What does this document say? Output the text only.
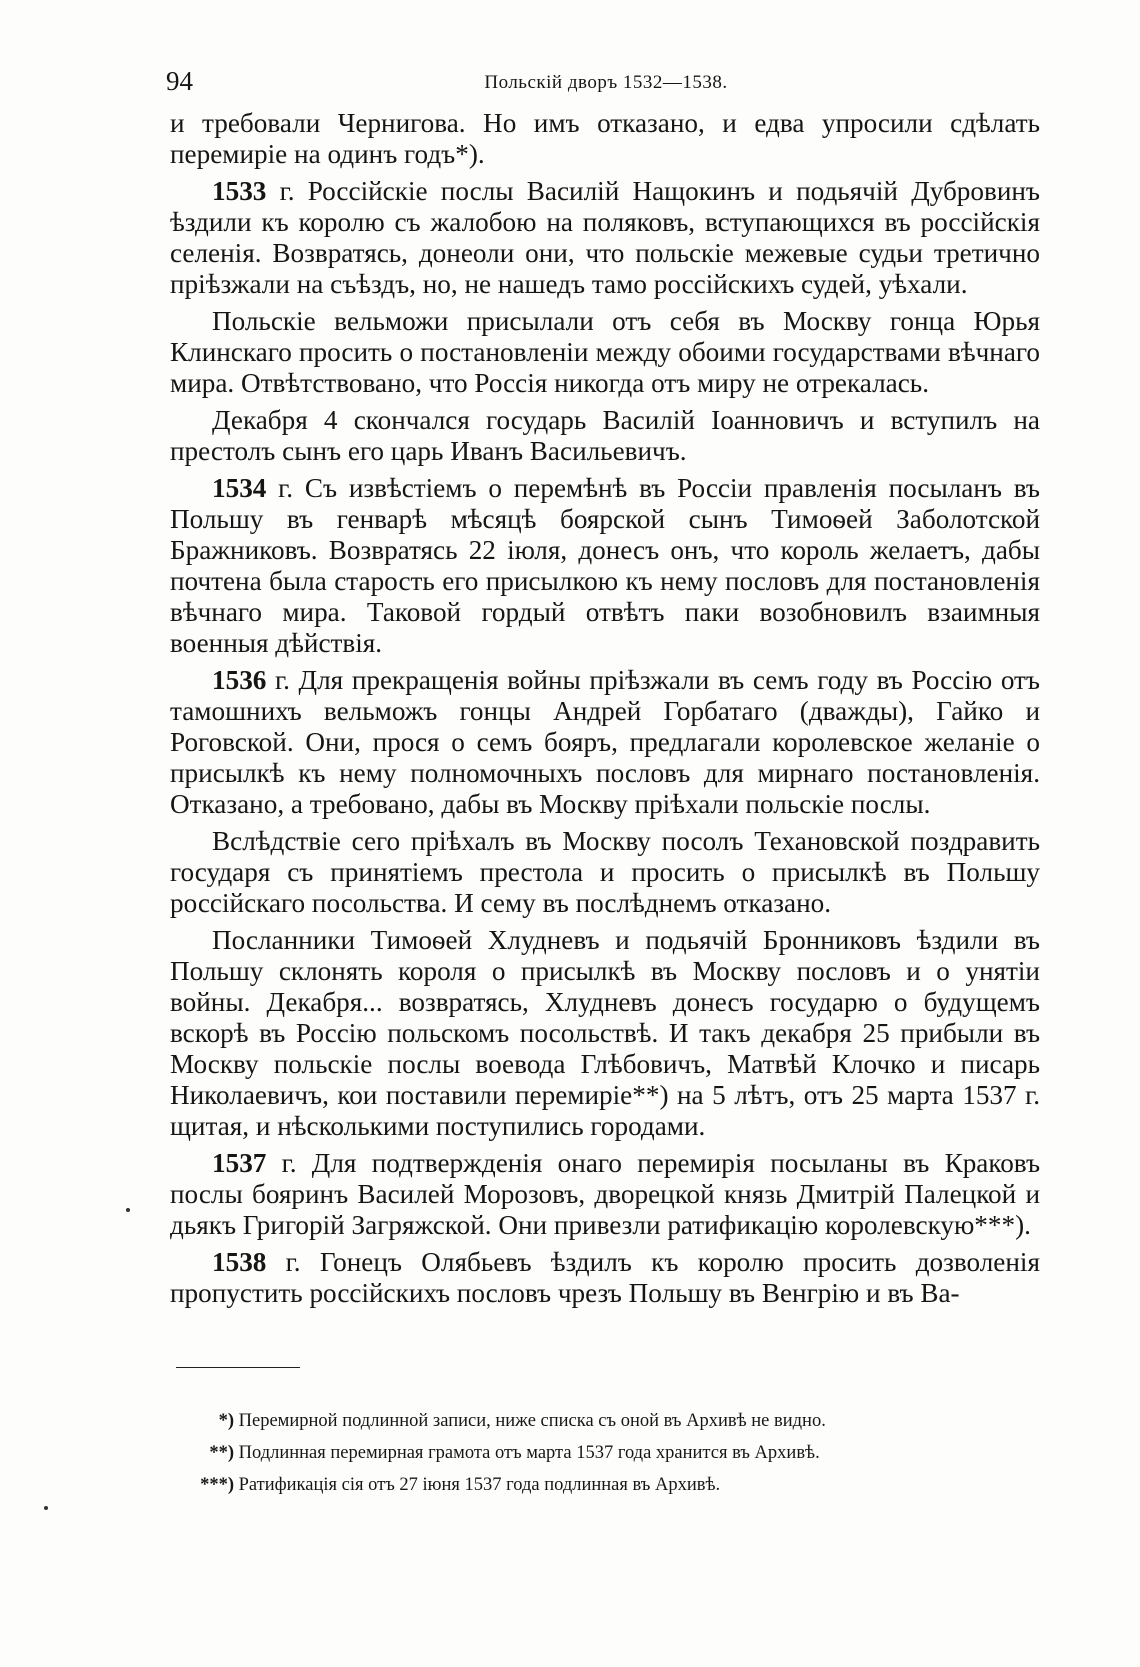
94	Польскій дворъ 1532—1538.

и требовали Чернигова. Но имъ отказано, и едва упросили сдѣлать перемиріе на одинъ годъ*).

1533 г. Россійскіе послы Василій Нащокинъ и подьячій Дубровинъ ѣздили къ королю съ жалобою на поляковъ, вступающихся въ россійскія селенія. Возвратясь, донеоли они, что польскіе межевые судьи третично пріѣзжали на съѣздъ, но, не нашедъ тамо россійскихъ судей, уѣхали.

Польскіе вельможи присылали отъ себя въ Москву гонца Юрья Клинскаго просить о постановленіи между обоими государствами вѣчнаго мира. Отвѣтствовано, что Россія никогда отъ миру не отрекалась.

Декабря 4 скончался государь Василій Іоанновичъ и вступилъ на престолъ сынъ его царь Иванъ Васильевичъ.

1534 г. Съ извѣстіемъ о перемѣнѣ въ Россіи правленія посыланъ въ Польшу въ генварѣ мѣсяцѣ боярской сынъ Тимоѳей Заболотской Бражниковъ. Возвратясь 22 іюля, донесъ онъ, что король желаетъ, дабы почтена была старость его присылкою къ нему пословъ для постановленія вѣчнаго мира. Таковой гордый отвѣтъ паки возобновилъ взаимныя военныя дѣйствія.

1536 г. Для прекращенія войны пріѣзжали въ семъ году въ Россію отъ тамошнихъ вельможъ гонцы Андрей Горбатаго (дважды), Гайко и Роговской. Они, прося о семъ бояръ, предлагали королевское желаніе о присылкѣ къ нему полномочныхъ пословъ для мирнаго постановленія. Отказано, а требовано, дабы въ Москву пріѣхали польскіе послы.

Вслѣдствіе сего пріѣхалъ въ Москву посолъ Техановской поздравить государя съ принятіемъ престола и просить о присылкѣ въ Польшу россійскаго посольства. И сему въ послѣднемъ отказано.

Посланники Тимоѳей Хлудневъ и подьячій Бронниковъ ѣздили въ Польшу склонять короля о присылкѣ въ Москву пословъ и о унятіи войны. Декабря... возвратясь, Хлудневъ донесъ государю о будущемъ вскорѣ въ Россію польскомъ посольствѣ. И такъ декабря 25 прибыли въ Москву польскіе послы воевода Глѣбовичъ, Матвѣй Клочко и писарь Николаевичъ, кои поставили перемиріе**) на 5 лѣтъ, отъ 25 марта 1537 г. щитая, и нѣсколькими поступились городами.

1537 г. Для подтвержденія онаго перемирія посыланы въ Краковъ послы бояринъ Василей Морозовъ, дворецкой князь Дмитрій Палецкой и дьякъ Григорій Загряжской. Они привезли ратификацію королевскую***).

1538 г. Гонецъ Олябьевъ ѣздилъ къ королю просить дозволенія пропустить россійскихъ пословъ чрезъ Польшу въ Венгрію и въ Ва-

*) Перемирной подлинной записи, ниже списка съ оной въ Архивѣ не видно.
**) Подлинная перемирная грамота отъ марта 1537 года хранится въ Архивѣ.
***) Ратификація сія отъ 27 іюня 1537 года подлинная въ Архивѣ.
